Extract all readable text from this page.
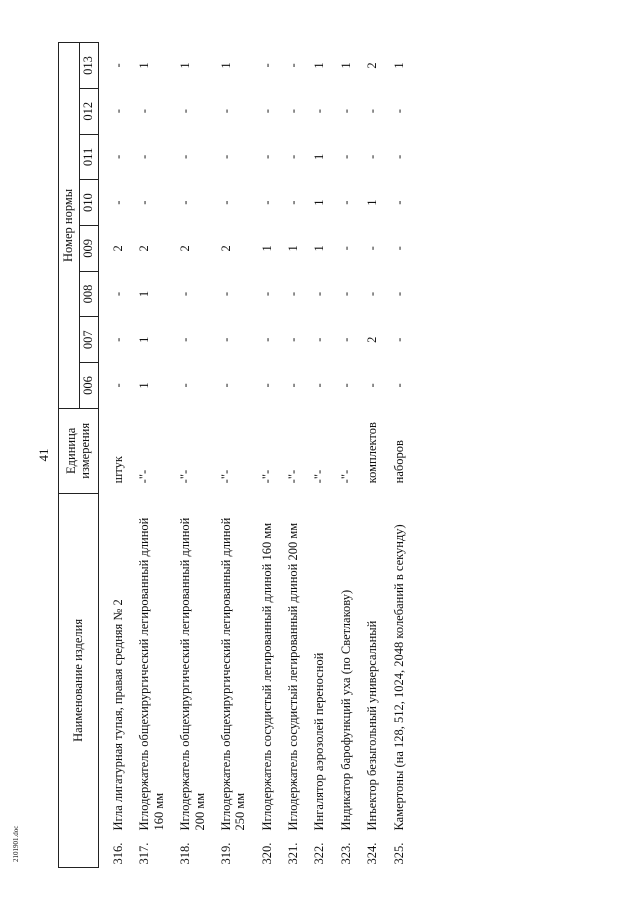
41
Наименование изделия	Единица
измерения	Номер нормы							
		006	007	008	009	010	011	012	013

316.
Игла лигатурная тупая, правая средняя № 2	штук	-	-	-	2	-	-	-	-

317.
Иглодержатель общехирургический легированный длиной 160 мм	-"-	1	1	1	2	-	-	-	1

318.
Иглодержатель общехирургический легированный длиной 200 мм	-"-	-	-	-	2	-	-	-	1

319.
Иглодержатель общехирургический легированный длиной 250 мм	-"-	-	-	-	2	-	-	-	1

320.
Иглодержатель сосудистый легированный длиной 160 мм	-"-	-	-	-	1	-	-	-	-

321.
Иглодержатель сосудистый легированный длиной 200 мм	-"-	-	-	-	1	-	-	-	-

322.
Ингалятор аэрозолей переносной	-"-	-	-	-	1	1	1	-	1

323.
Индикатор барофункций уха (по Светлакову)	-"-	-	-	-	-	-	-	-	1

324.
Инъектор безыгольный универсальный	комплектов	-	2	-	-	1	-	-	2

325.
Камертоны (на 128, 512, 1024, 2048 колебаний в секунду)	наборов	-	-	-	-	-	-	-	1
2101901.doc
